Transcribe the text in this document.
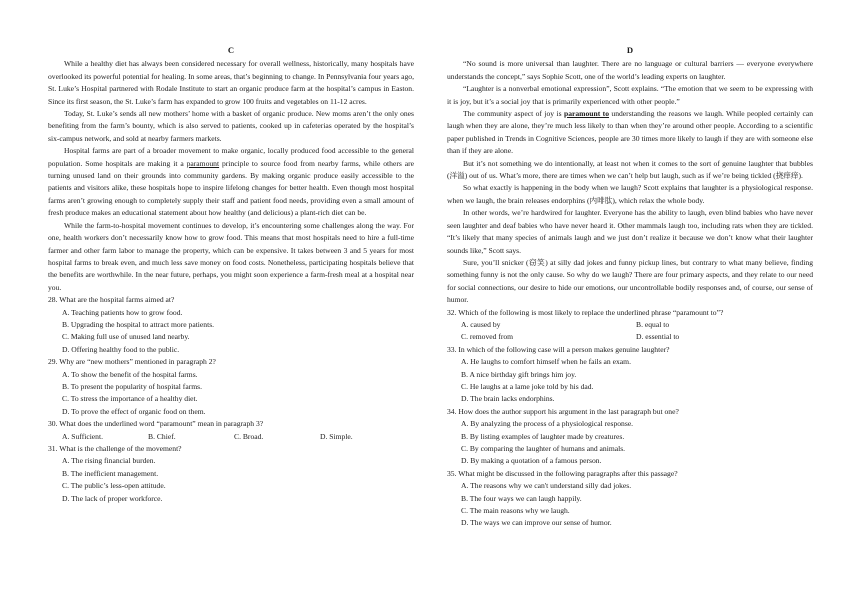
C

While a healthy diet has always been considered necessary for overall wellness, historically, many hospitals have overlooked its powerful potential for healing. In some areas, that’s beginning to change. In Pennsylvania four years ago, St. Luke’s Hospital partnered with Rodale Institute to start an organic produce farm at the hospital’s campus in Easton. Since its first season, the St. Luke’s farm has expanded to grow 100 fruits and vegetables on 11-12 acres.

Today, St. Luke’s sends all new mothers’ home with a basket of organic produce. New moms aren’t the only ones benefiting from the farm’s bounty, which is also served to patients, cooked up in cafeterias operated by the hospital’s six-campus network, and sold at nearby farmers markets.

Hospital farms are part of a broader movement to make organic, locally produced food accessible to the general population. Some hospitals are making it a paramount principle to source food from nearby farms, while others are turning unused land on their grounds into community gardens. By making organic produce easily accessible to the patients and visitors alike, these hospitals hope to inspire lifelong changes for better health. Even though most hospital farms aren’t growing enough to completely supply their staff and patient food needs, providing even a small amount of fresh produce makes an educational statement about how healthy (and delicious) a plant-rich diet can be.

While the farm-to-hospital movement continues to develop, it’s encountering some challenges along the way. For one, health workers don’t necessarily know how to grow food. This means that most hospitals need to hire a full-time farmer and other farm labor to manage the property, which can be expensive. It takes between 3 and 5 years for most hospital farms to break even, and much less save money on food costs. Nonetheless, participating hospitals believe that the benefits are worthwhile. In the near future, perhaps, you might soon experience a farm-fresh meal at a hospital near you.

28. What are the hospital farms aimed at?
A. Teaching patients how to grow food.
B. Upgrading the hospital to attract more patients.
C. Making full use of unused land nearby.
D. Offering healthy food to the public.
29. Why are “new mothers” mentioned in paragraph 2?
A. To show the benefit of the hospital farms.
B. To present the popularity of hospital farms.
C. To stress the importance of a healthy diet.
D. To prove the effect of organic food on them.
30. What does the underlined word “paramount” mean in paragraph 3?
A. Sufficient.	B. Chief.	C. Broad.	D. Simple.
31. What is the challenge of the movement?
A. The rising financial burden.
B. The inefficient management.
C. The public’s less-open attitude.
D. The lack of proper workforce.
D

“No sound is more universal than laughter. There are no language or cultural barriers — everyone everywhere understands the concept,” says Sophie Scott, one of the world’s leading experts on laughter.

“Laughter is a nonverbal emotional expression”, Scott explains. “The emotion that we seem to be expressing with it is joy, but it’s a social joy that is primarily experienced with other people.”

The community aspect of joy is paramount to understanding the reasons we laugh. While peopled certainly can laugh when they are alone, they’re much less likely to than when they’re around other people. According to a scientific paper published in Trends in Cognitive Sciences, people are 30 times more likely to laugh if they are with someone else than if they are alone.

But it’s not something we do intentionally, at least not when it comes to the sort of genuine laughter that bubbles (洋溢) out of us. What’s more, there are times when we can’t help but laugh, such as if we’re being tickled (挠痒痒).

So what exactly is happening in the body when we laugh? Scott explains that laughter is a physiological response. when we laugh, the brain releases endorphins (内啡肽), which relax the whole body.

In other words, we’re hardwired for laughter. Everyone has the ability to laugh, even blind babies who have never seen laughter and deaf babies who have never heard it. Other mammals laugh too, including rats when they are tickled. “It’s likely that many species of animals laugh and we just don’t realize it because we don’t know what their laughter sounds like,” Scott says.

Sure, you’ll snicker (窃笑) at silly dad jokes and funny pickup lines, but contrary to what many believe, finding something funny is not the only cause. So why do we laugh? There are four primary aspects, and they relate to our need for social connections, our desire to hide our emotions, our uncontrollable bodily responses and, of course, our sense of humor.

32. Which of the following is most likely to replace the underlined phrase “paramount to”?
A. caused by	B. equal to
C. removed from	D. essential to
33. In which of the following case will a person makes genuine laughter?
A. He laughs to comfort himself when he fails an exam.
B. A nice birthday gift brings him joy.
C. He laughs at a lame joke told by his dad.
D. The brain lacks endorphins.
34. How does the author support his argument in the last paragraph but one?
A. By analyzing the process of a physiological response.
B. By listing examples of laughter made by creatures.
C. By comparing the laughter of humans and animals.
D. By making a quotation of a famous person.
35. What might be discussed in the following paragraphs after this passage?
A. The reasons why we can't understand silly dad jokes.
B. The four ways we can laugh happily.
C. The main reasons why we laugh.
D. The ways we can improve our sense of humor.
